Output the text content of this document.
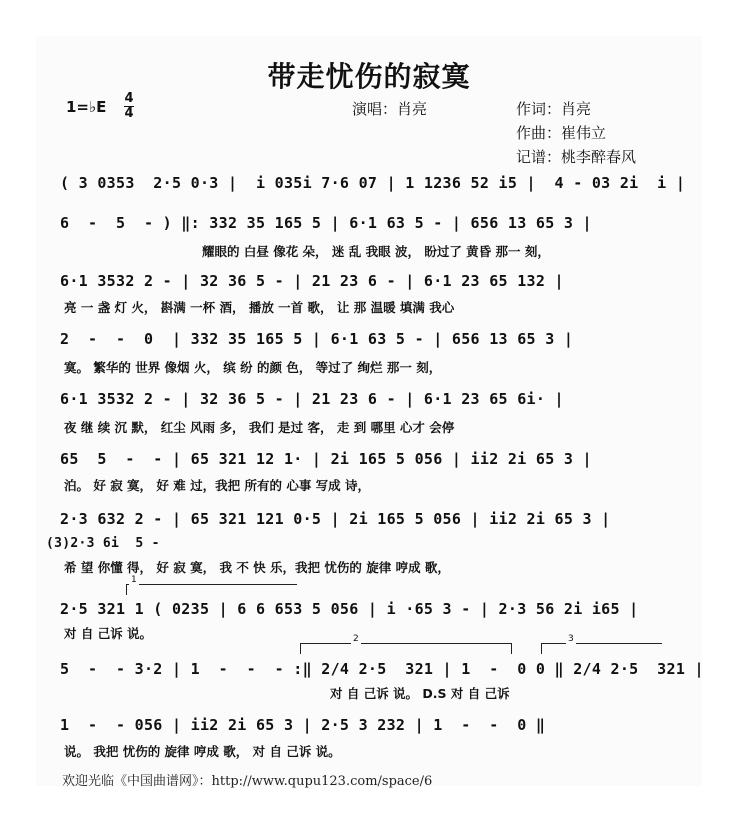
带走忧伤的寂寞
1=♭E 4
4	演唱：肖亮	作词：肖亮
作曲：崔伟立
记谱：桃李醉春风
( 3 0353  2·5 0·3 |  i 035i 7·6 07 | 1 1236 52 i5 |  4 - 03 2i  i |
6  -  5  - ) ‖: 332 35 165 5 | 6·1 63 5 - | 656 13 65 3 |
耀眼的 白昼 像花 朵， 迷 乱 我眼 波， 盼过了 黄昏 那一 刻，
6·1 3532 2 - | 32 36 5 - | 21 23 6 - | 6·1 23 65 132 |
亮 一 盏 灯 火， 斟满 一杯 酒， 播放 一首 歌， 让 那 温暖 填满 我心
2  -  -  0  | 332 35 165 5 | 6·1 63 5 - | 656 13 65 3 |
寞。 繁华的 世界 像烟 火， 缤 纷 的颜 色， 等过了 绚烂 那一 刻，
6·1 3532 2 - | 32 36 5 - | 21 23 6 - | 6·1 23 65 6i· |
夜 继 续 沉 默， 红尘 风雨 多， 我们 是过 客， 走 到 哪里 心才 会停
65  5  -  - | 65 321 12 1· | 2i 165 5 056 | ii2 2i 65 3 |
泊。 好 寂 寞， 好 难 过，我把 所有的 心事 写成 诗，
2·3 632 2 - | 65 321 121 0·5 | 2i 165 5 056 | ii2 2i 65 3 |
(3)2·3 6i  5 -
希 望 你懂 得， 好 寂 寞， 我 不 快 乐，我把 忧伤的 旋律 哼成 歌，
1
2·5 321 1 ( 0235 | 6 6 653 5 056 | i ·65 3 - | 2·3 56 2i i65 |
对 自 己诉 说。	2	3
5  -  - 3·2 | 1  -  -  - :‖ 2/4 2·5  321 | 1  -  0 0 ‖ 2/4 2·5  321 |
对 自 己诉 说。 D.S 对 自 己诉
1  -  - 056 | ii2 2i 65 3 | 2·5 3 232 | 1  -  -  0 ‖
说。 我把 忧伤的 旋律 哼成 歌， 对 自 己诉 说。
欢迎光临《中国曲谱网》：http://www.qupu123.com/space/6
